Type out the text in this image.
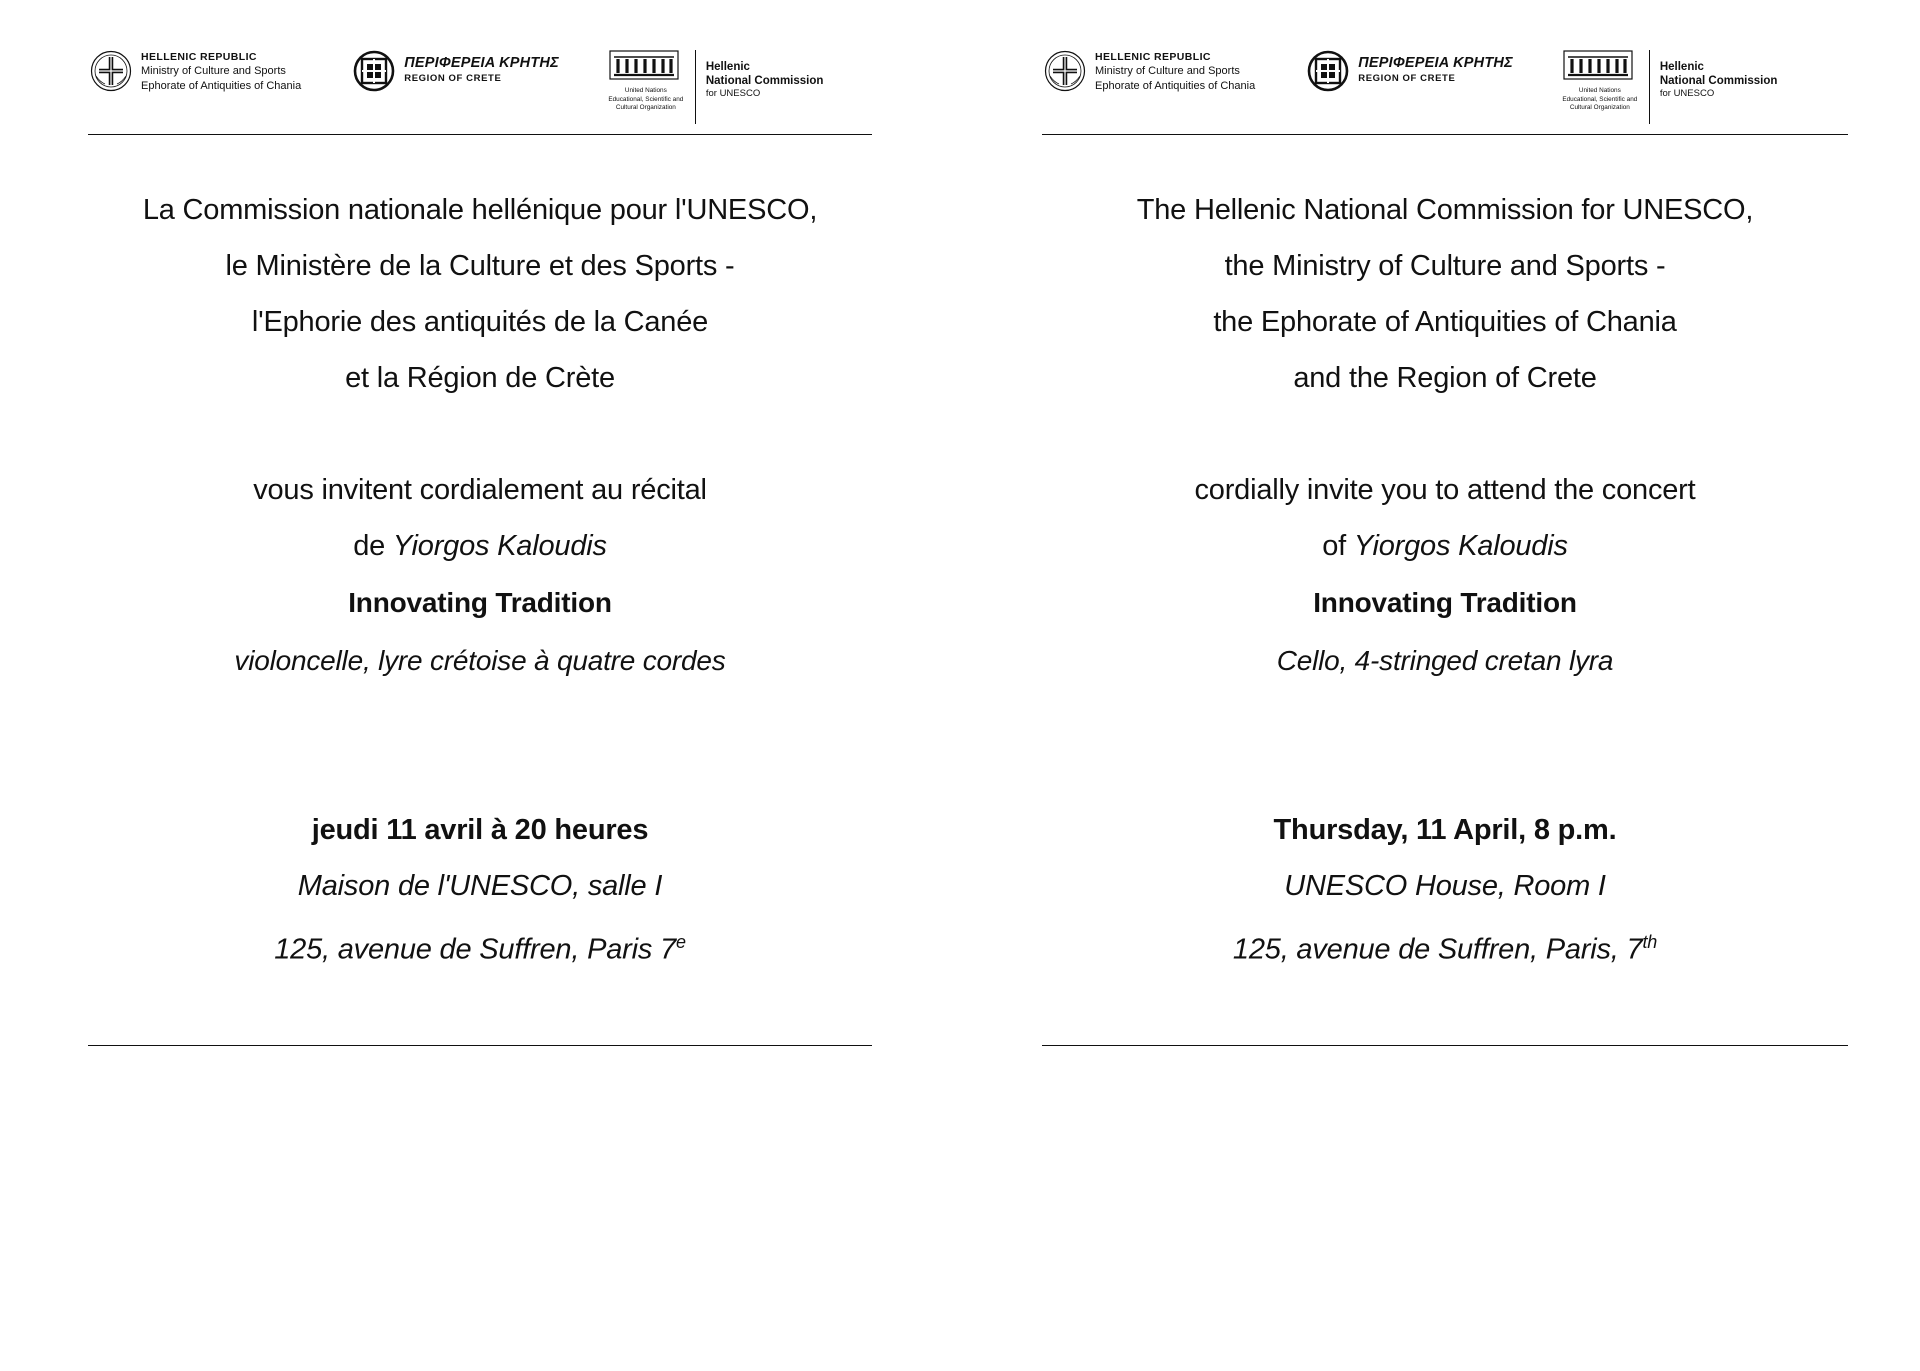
HELLENIC REPUBLIC
Ministry of Culture and Sports
Ephorate of Antiquities of Chania
ΠΕΡΙΦΕΡΕΙΑ ΚΡΗΤΗΣ
REGION OF CRETE
United Nations
Educational, Scientific and
Cultural Organization
Hellenic
National Commission
for UNESCO
La Commission nationale hellénique pour l'UNESCO,
le Ministère de la Culture et des Sports -
l'Ephorie des antiquités de la Canée
et la Région de Crète
vous invitent cordialement au récital
de Yiorgos Kaloudis
Innovating Tradition
violoncelle, lyre crétoise à quatre cordes
jeudi 11 avril à 20 heures
Maison de l'UNESCO, salle I
125, avenue de Suffren, Paris 7e
HELLENIC REPUBLIC
Ministry of Culture and Sports
Ephorate of Antiquities of Chania
ΠΕΡΙΦΕΡΕΙΑ ΚΡΗΤΗΣ
REGION OF CRETE
United Nations
Educational, Scientific and
Cultural Organization
Hellenic
National Commission
for UNESCO
The Hellenic National Commission for UNESCO,
the Ministry of Culture and Sports -
the Ephorate of Antiquities of Chania
and the Region of Crete
cordially invite you to attend the concert
of Yiorgos Kaloudis
Innovating Tradition
Cello, 4-stringed cretan lyra
Thursday, 11 April, 8 p.m.
UNESCO House, Room I
125, avenue de Suffren, Paris, 7th
